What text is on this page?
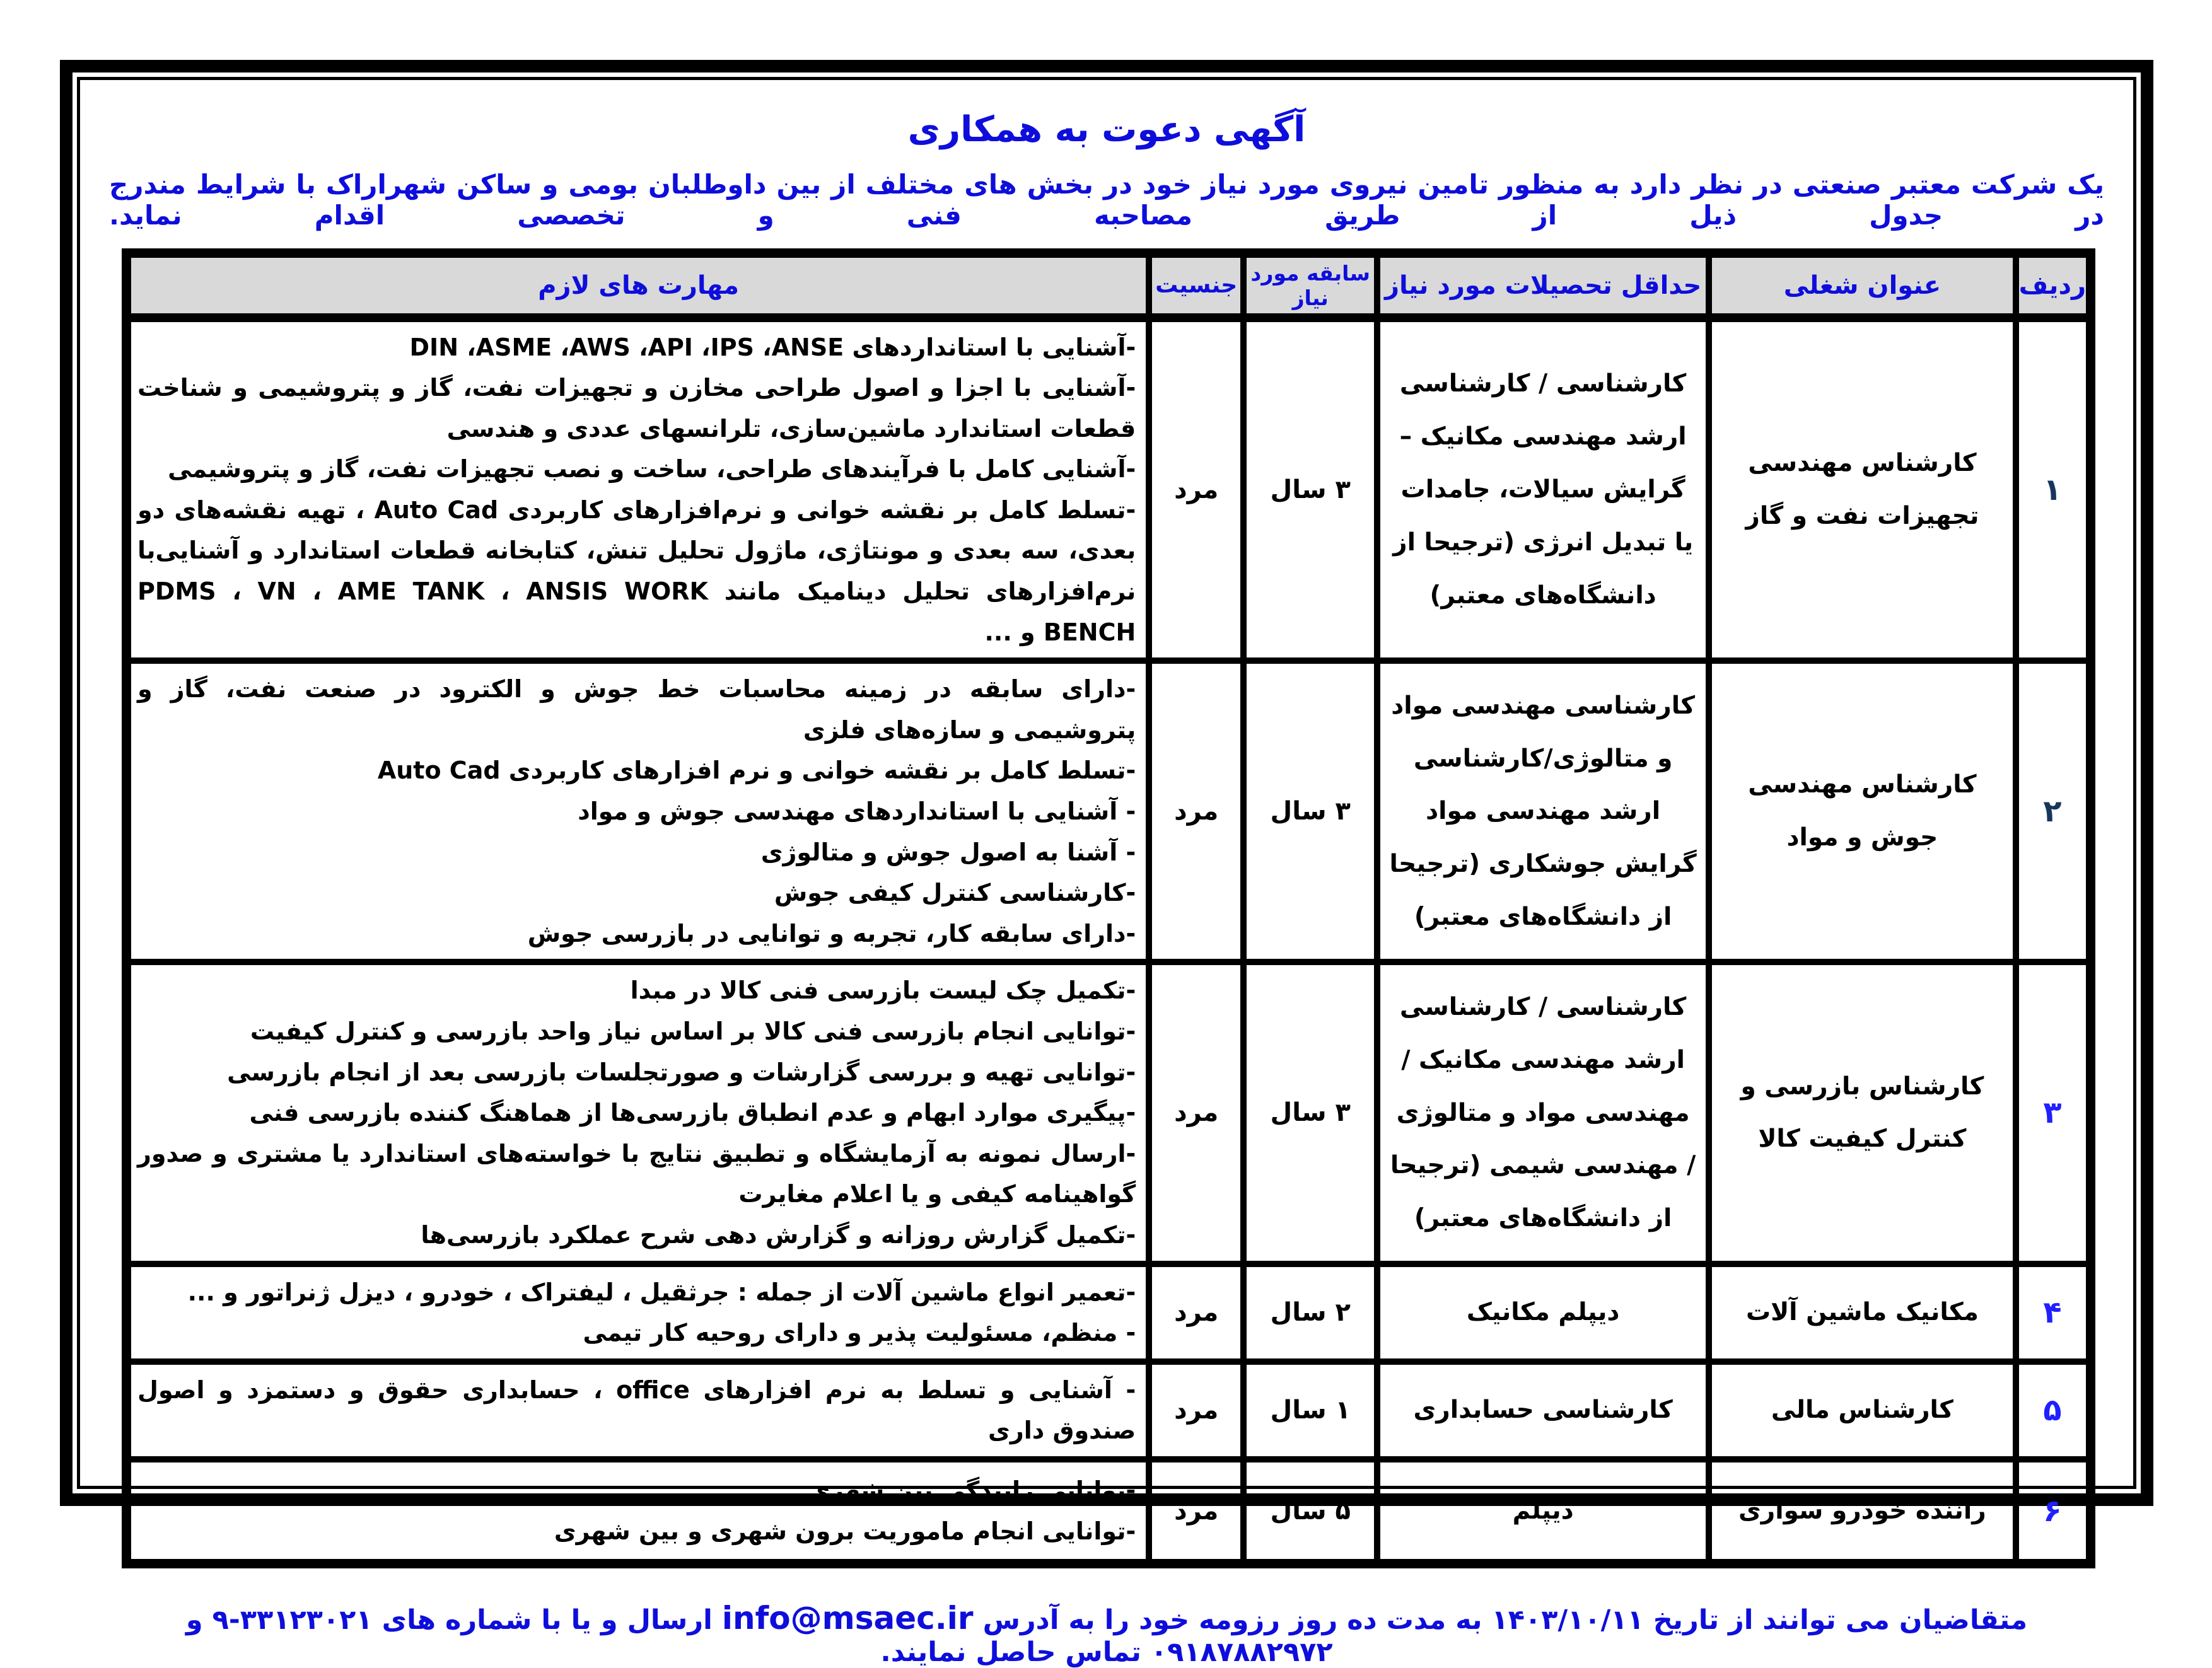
آگهی دعوت به همکاری

یک شرکت معتبر صنعتی در نظر دارد به منظور تامین نیروی مورد نیاز خود در بخش های مختلف از بین داوطلبان بومی و ساکن شهراراک با شرایط مندرج در جدول ذیل از طریق مصاحبه فنی و تخصصی اقدام نماید.

ردیف	عنوان شغلی	حداقل تحصیلات مورد نیاز	سابقه مورد نیاز	جنسیت	مهارت های لازم
۱	کارشناس مهندسی تجهیزات نفت و گاز	کارشناسی / کارشناسی ارشد مهندسی مکانیک – گرایش سیالات، جامدات یا تبدیل انرژی (ترجیحا از دانشگاه‌های معتبر)	۳ سال	مرد	-آشنایی با استانداردهای DIN ،ASME ،AWS ،API ،IPS ،ANSE
-آشنایی با اجزا و اصول طراحی مخازن و تجهیزات نفت، گاز و پتروشیمی و شناخت قطعات استاندارد ماشین‌سازی، تلرانسهای عددی و هندسی
-آشنایی کامل با فرآیندهای طراحی، ساخت و نصب تجهیزات نفت، گاز و پتروشیمی
-تسلط کامل بر نقشه خوانی و نرم‌افزارهای کاربردی Auto Cad ، تهیه نقشه‌های دو بعدی، سه بعدی و مونتاژی، ماژول تحلیل تنش، کتابخانه قطعات استاندارد و آشنایی‌با نرم‌افزارهای تحلیل دینامیک مانند PDMS ، VN ، AME TANK ، ANSIS WORK BENCH و ...

۲	کارشناس مهندسی جوش و مواد	کارشناسی مهندسی مواد و متالوژی/کارشناسی ارشد مهندسی مواد گرایش جوشکاری (ترجیحا از دانشگاه‌های معتبر)	۳ سال	مرد	
-دارای سابقه در زمینه محاسبات خط جوش و الکترود در صنعت نفت، گاز و پتروشیمی و سازه‌های فلزی
-تسلط کامل بر نقشه خوانی و نرم افزارهای کاربردی Auto Cad
- آشنایی با استانداردهای مهندسی جوش و مواد
- آشنا به اصول جوش و متالوژی
-کارشناسی کنترل کیفی جوش
-دارای سابقه کار، تجربه و توانایی در بازرسی جوش

۳	کارشناس بازرسی و کنترل کیفیت کالا	کارشناسی / کارشناسی ارشد مهندسی مکانیک / مهندسی مواد و متالوژی / مهندسی شیمی (ترجیحا از دانشگاه‌های معتبر)	۳ سال	مرد	
-تکمیل چک لیست بازرسی فنی کالا در مبدا
-توانایی انجام بازرسی فنی کالا بر اساس نیاز واحد بازرسی و کنترل کیفیت
-توانایی تهیه و بررسی گزارشات و صورتجلسات بازرسی بعد از انجام بازرسی
-پیگیری موارد ابهام و عدم انطباق بازرسی‌ها از هماهنگ کننده بازرسی فنی
-ارسال نمونه به آزمایشگاه و تطبیق نتایج با خواسته‌های استاندارد یا مشتری و صدور گواهینامه کیفی و یا اعلام مغایرت
-تکمیل گزارش روزانه و گزارش دهی شرح عملکرد بازرسی‌ها

۴	مکانیک ماشین آلات	دیپلم مکانیک	۲ سال	مرد	-تعمیر انواع ماشین آلات از جمله : جرثقیل ، لیفتراک ، خودرو ، دیزل ژنراتور و ...
- منظم، مسئولیت پذیر و دارای روحیه کار تیمی

۵	کارشناس مالی	کارشناسی حسابداری	۱ سال	مرد	- آشنایی و تسلط به نرم افزارهای office ، حسابداری حقوق و دستمزد و اصول صندوق داری

۶	راننده خودرو سواری	دیپلم	۵ سال	مرد	-توانایی رانندگی بین شهری
-توانایی انجام ماموریت برون شهری و بین شهری
متقاضیان می توانند از تاریخ ۱۴۰۳/۱۰/۱۱ به مدت ده روز رزومه خود را به آدرس info@msaec.ir ارسال و یا با شماره های ۳۳۱۲۳۰۲۱-۹ و ۰۹۱۸۷۸۸۲۹۷۲ تماس حاصل نمایند.
